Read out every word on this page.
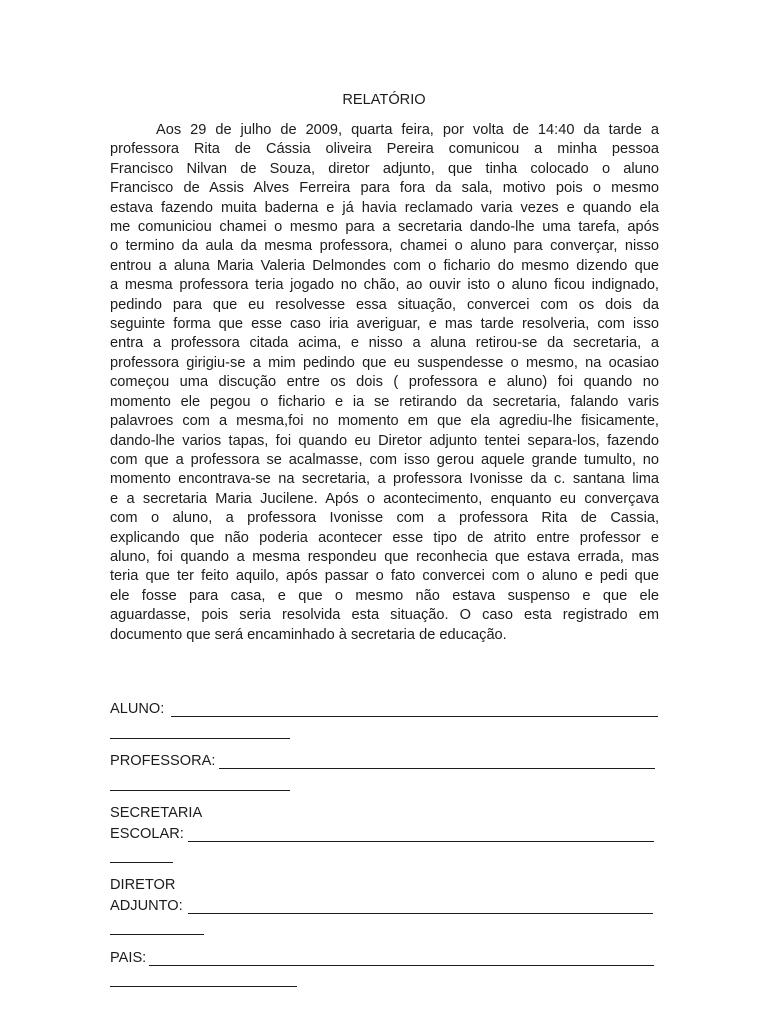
RELATÓRIO
Aos 29 de julho de 2009, quarta feira, por volta de 14:40 da tarde a
professora Rita de Cássia oliveira Pereira comunicou a minha pessoa
Francisco Nilvan de Souza, diretor adjunto, que tinha colocado o aluno
Francisco de Assis Alves Ferreira para fora da sala, motivo pois o mesmo
estava fazendo muita baderna e já havia reclamado varia vezes e quando ela
me comuniciou chamei o mesmo para a secretaria dando-lhe uma tarefa, após
o termino da aula da mesma professora, chamei o aluno para converçar, nisso
entrou a aluna Maria Valeria Delmondes com o fichario do mesmo dizendo que
a mesma professora teria jogado no chão, ao ouvir isto o aluno ficou indignado,
pedindo para que eu resolvesse essa situação, convercei com os dois da
seguinte forma que esse caso iria averiguar, e mas tarde resolveria, com isso
entra a professora citada acima, e nisso a aluna retirou-se da secretaria, a
professora girigiu-se a mim pedindo que eu suspendesse o mesmo, na ocasiao
começou uma discução entre os dois ( professora e aluno) foi quando no
momento ele pegou o fichario e ia se retirando da secretaria, falando varis
palavroes com a mesma,foi no momento em que ela agrediu-lhe fisicamente,
dando-lhe varios tapas, foi quando eu Diretor adjunto tentei separa-los, fazendo
com que a professora se acalmasse, com isso gerou aquele grande tumulto, no
momento encontrava-se na secretaria, a professora Ivonisse da c. santana lima
e a secretaria Maria Jucilene. Após o acontecimento, enquanto eu converçava
com o aluno, a professora Ivonisse com a professora Rita de Cassia,
explicando que não poderia acontecer esse tipo de atrito entre professor e
aluno, foi quando a mesma respondeu que reconhecia que estava errada, mas
teria que ter feito aquilo, após passar o fato convercei com o aluno e pedi que
ele fosse para casa, e que o mesmo não estava suspenso e que ele
aguardasse, pois seria resolvida esta situação. O caso esta registrado em
documento que será encaminhado à secretaria de educação.
ALUNO:
PROFESSORA:
SECRETARIA
ESCOLAR:
DIRETOR
ADJUNTO:
PAIS:
